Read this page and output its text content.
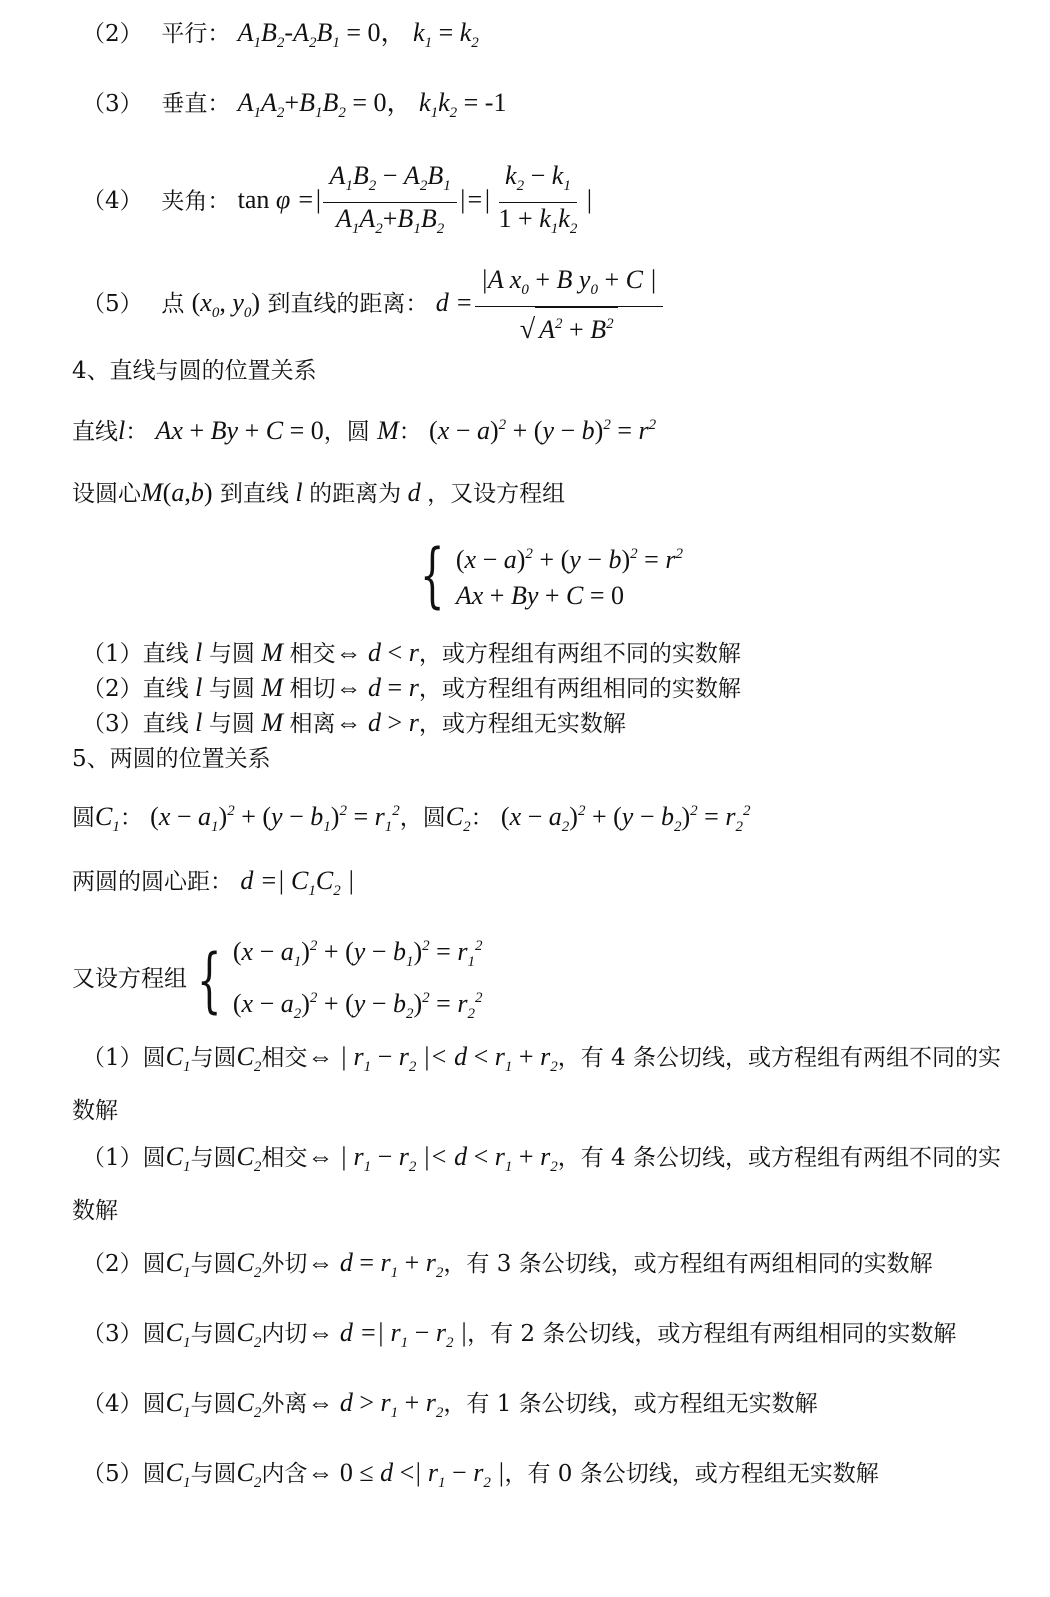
（2） 平行： $A_1B_2-A_2B_1 = 0$， $k_1 = k_2$
（3） 垂直： $A_1A_2+B_1B_2 = 0$， $k_1k_2 = -1$
（4） 夹角： tan φ =| $\frac{A_1B_2 - A_2B_1}{A_1A_2+B_1B_2}$ |=| $\frac{k_2 - k_1}{1 + k_1k_2}$ |
（5） 点 ($x_0$, $y_0$) 到直线的距离： $d = \frac{|A x_0 + B y_0 + C |}{√ A^2 + B^2}$
4、直线与圆的位置关系
直线l： Ax + By + C = 0，圆 M： $(x - a)^2 + (y - b)^2 = r^2$
设圆心M(a,b) 到直线 l 的距离为 d ，又设方程组
{ $(x - a)^2 + (y - b)^2 = r^2$
Ax + By + C = 0
（1）直线 l 与圆 M 相交⇔ d < r，或方程组有两组不同的实数解
（2）直线 l 与圆 M 相切⇔ d = r，或方程组有两组相同的实数解
（3）直线 l 与圆 M 相离⇔ d > r，或方程组无实数解
5、两圆的位置关系
圆$C_1$： $(x - a_1)^2 + (y - b_1)^2 = r_1^2$，圆$C_2$： $(x - a_2)^2 + (y - b_2)^2 = r_2^2$
两圆的圆心距： d =| $C_1C_2$ |
又设方程组 { $(x - a_1)^2 + (y - b_1)^2 = r_1^2$
$(x - a_2)^2 + (y - b_2)^2 = r_2^2$
（1）圆$C_1$与圆$C_2$相交⇔ | $r_1 - r_2$ |< $d < r_1 + r_2$，有 4 条公切线，或方程组有两组不同的实
数解
（1）圆$C_1$与圆$C_2$相交⇔ | $r_1 - r_2$ |< $d < r_1 + r_2$，有 4 条公切线，或方程组有两组不同的实
数解
（2）圆$C_1$与圆$C_2$外切⇔ $d = r_1 + r_2$，有 3 条公切线，或方程组有两组相同的实数解
（3）圆$C_1$与圆$C_2$内切⇔ d =| $r_1 - r_2$ |，有 2 条公切线，或方程组有两组相同的实数解
（4）圆$C_1$与圆$C_2$外离⇔ $d > r_1 + r_2$，有 1 条公切线，或方程组无实数解
（5）圆$C_1$与圆$C_2$内含⇔ 0 ≤ d <| $r_1 - r_2$ |，有 0 条公切线，或方程组无实数解
